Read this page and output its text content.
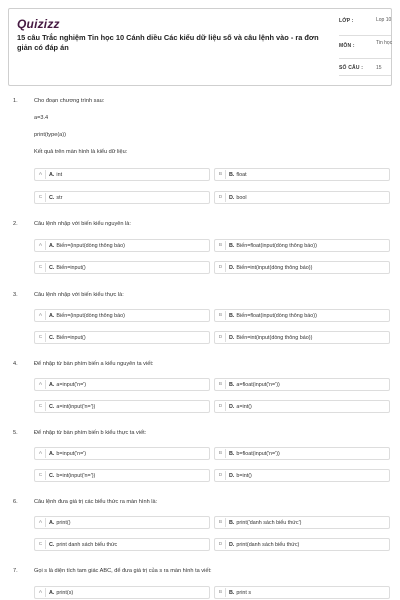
Quizizz
15 câu Trắc nghiệm Tin học 10 Cánh diều Các kiểu dữ liệu số và câu lệnh vào - ra đơn giản có đáp án
LỚP :	Lop 10
MÔN :	Tin học
SỐ CÂU :	15
1.	Cho đoạn chương trình sau:
a=3.4
print(type(a))
Kết quả trên màn hình là kiểu dữ liệu:
A	A. int	B	B. float
C	C. str	D	D. bool
2.	Câu lệnh nhập với biến kiểu nguyên là:
A	A. Biến=(input(dòng thông báo)	B	B. Biến=float(input(dòng thông báo))
C	C. Biến=input()	D	D. Biến=int(input(dòng thông báo))
3.	Câu lệnh nhập với biến kiểu thực là:
A	A. Biến=(input(dòng thông báo)	B	B. Biến=float(input(dòng thông báo))
C	C. Biến=input()	D	D. Biến=int(input(dòng thông báo))
4.	Để nhập từ bàn phím biến a kiểu nguyên ta viết:
A	A. a=input('n=')	B	B. a=float(input('n='))
C	C. a=int(input('n='))	D	D. a=int()
5.	Để nhập từ bàn phím biến b kiểu thực ta viết:
A	A. b=input('n=')	B	B. b=float(input('n='))
C	C. b=int(input('n='))	D	D. b=int()
6.	Câu lệnh đưa giá trị các biểu thức ra màn hình là:
A	A. print()	B	B. print('danh sách biểu thức')
C	C. print danh sách biểu thức	D	D. print(danh sách biểu thức)
7.	Gọi s là diện tích tam giác ABC, để đưa giá trị của s ra màn hình ta viết:
A	A. print(s)	B	B. print s
